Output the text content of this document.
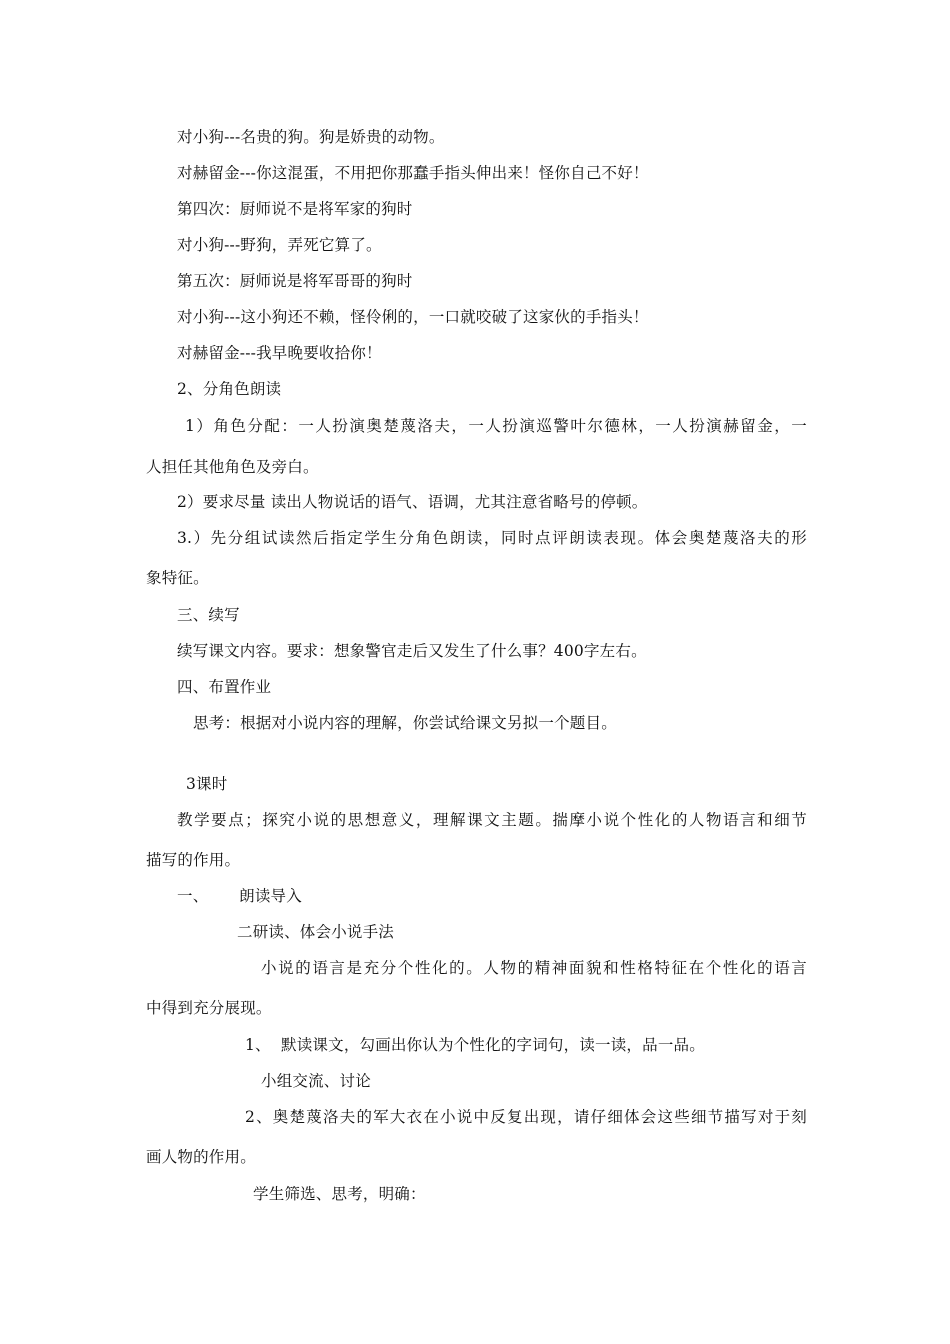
对小狗---名贵的狗。狗是娇贵的动物。
对赫留金---你这混蛋，不用把你那蠢手指头伸出来！怪你自己不好！
第四次：厨师说不是将军家的狗时
对小狗---野狗，弄死它算了。
第五次：厨师说是将军哥哥的狗时
对小狗---这小狗还不赖，怪伶俐的，一口就咬破了这家伙的手指头！
对赫留金---我早晚要收拾你！
2、分角色朗读
1）角色分配：一人扮演奥楚蔑洛夫，一人扮演巡警叶尔德林，一人扮演赫留金，一
人担任其他角色及旁白。
2）要求尽量 读出人物说话的语气、语调，尤其注意省略号的停顿。
3.）先分组试读然后指定学生分角色朗读，同时点评朗读表现。体会奥楚蔑洛夫的形
象特征。
三、续写
续写课文内容。要求：想象警官走后又发生了什么事？400字左右。
四、布置作业
思考：根据对小说内容的理解，你尝试给课文另拟一个题目。
3课时
教学要点；探究小说的思想意义，理解课文主题。揣摩小说个性化的人物语言和细节
描写的作用。
一、      朗读导入
二研读、体会小说手法
小说的语言是充分个性化的。人物的精神面貌和性格特征在个性化的语言
中得到充分展现。
1、  默读课文，勾画出你认为个性化的字词句，读一读，品一品。
小组交流、讨论
2、奥楚蔑洛夫的军大衣在小说中反复出现，请仔细体会这些细节描写对于刻
画人物的作用。
学生筛选、思考，明确：
